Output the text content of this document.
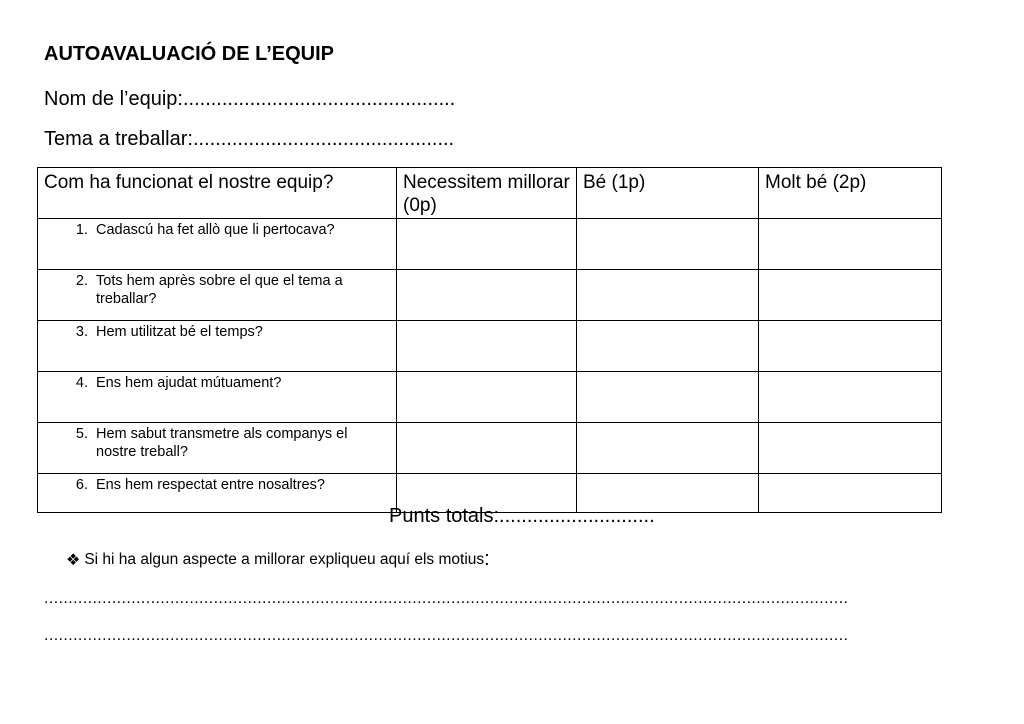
AUTOAVALUACIÓ DE L’EQUIP

Nom de l’equip:.................................................

Tema a treballar:...............................................

Com ha funcionat el nostre equip?	Necessitem millorar (0p)	Bé (1p)	Molt bé (2p)

1. Cadascú ha fet allò que li pertocava?			

2. Tots hem après sobre el que el tema a treballar?			

3. Hem utilitzat bé el temps?			

4. Ens hem ajudat mútuament?			

5. Hem sabut transmetre als companys el nostre treball?			

6. Ens hem respectat entre nosaltres?			

Punts totals:............................

❖ Si hi ha algun aspecte a millorar expliqueu aquí els motius :
......................................................................................................................................................................
......................................................................................................................................................................
